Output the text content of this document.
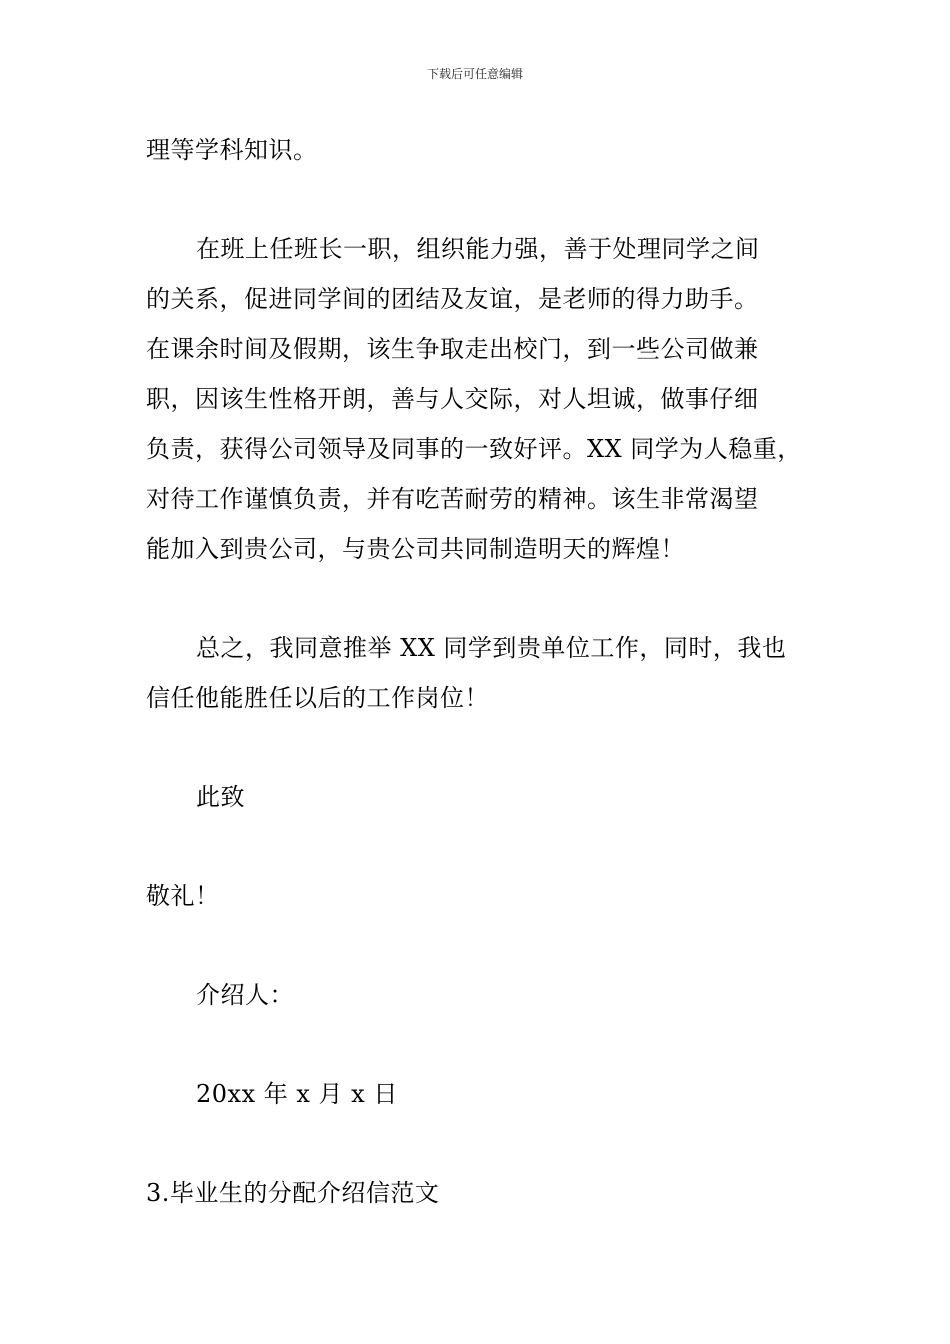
下载后可任意编辑
理等学科知识。
在班上任班长一职，组织能力强，善于处理同学之间
的关系，促进同学间的团结及友谊，是老师的得力助手。
在课余时间及假期，该生争取走出校门，到一些公司做兼
职，因该生性格开朗，善与人交际，对人坦诚，做事仔细
负责，获得公司领导及同事的一致好评。XX 同学为人稳重，
对待工作谨慎负责，并有吃苦耐劳的精神。该生非常渴望
能加入到贵公司，与贵公司共同制造明天的辉煌！
总之，我同意推举 XX 同学到贵单位工作，同时，我也
信任他能胜任以后的工作岗位！
此致
敬礼！
介绍人：
20xx 年 x 月 x 日
3.毕业生的分配介绍信范文
